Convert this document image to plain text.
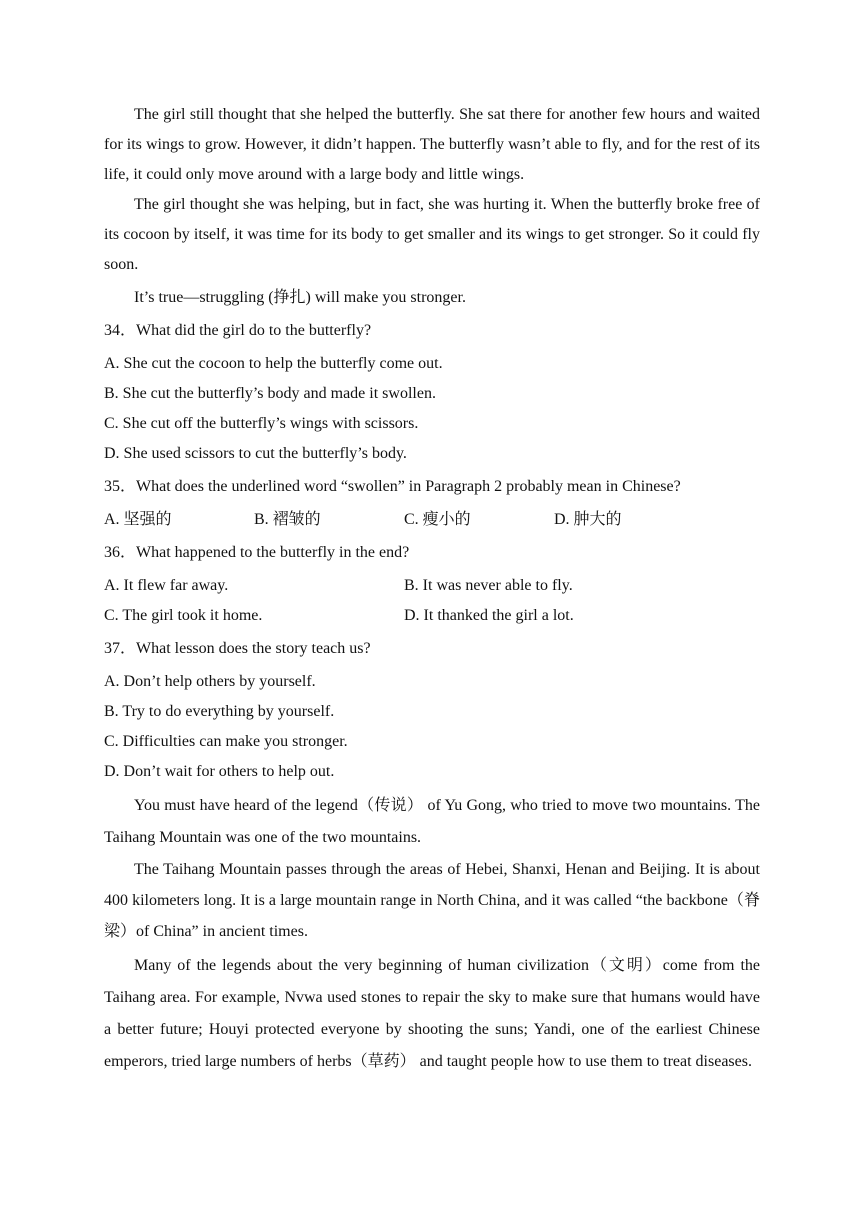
The girl still thought that she helped the butterfly. She sat there for another few hours and waited for its wings to grow. However, it didn’t happen. The butterfly wasn’t able to fly, and for the rest of its life, it could only move around with a large body and little wings.

The girl thought she was helping, but in fact, she was hurting it. When the butterfly broke free of its cocoon by itself, it was time for its body to get smaller and its wings to get stronger. So it could fly soon.

It’s true—struggling (挣扎) will make you stronger.

34．What did the girl do to the butterfly?

A. She cut the cocoon to help the butterfly come out.

B. She cut the butterfly’s body and made it swollen.

C. She cut off the butterfly’s wings with scissors.

D. She used scissors to cut the butterfly’s body.

35．What does the underlined word “swollen” in Paragraph 2 probably mean in Chinese?

A. 坚强的	B. 褶皱的	C. 瘦小的	D. 肿大的

36．What happened to the butterfly in the end?

A. It flew far away.	B. It was never able to fly.
C. The girl took it home.	D. It thanked the girl a lot.

37．What lesson does the story teach us?

A. Don’t help others by yourself.

B. Try to do everything by yourself.

C. Difficulties can make you stronger.

D. Don’t wait for others to help out.

You must have heard of the legend（传说） of Yu Gong, who tried to move two mountains. The Taihang Mountain was one of the two mountains.

The Taihang Mountain passes through the areas of Hebei, Shanxi, Henan and Beijing. It is about 400 kilometers long. It is a large mountain range in North China, and it was called “the backbone（脊梁）of China” in ancient times.

Many of the legends about the very beginning of human civilization（文明）come from the Taihang area. For example, Nvwa used stones to repair the sky to make sure that humans would have a better future; Houyi protected everyone by shooting the suns; Yandi, one of the earliest Chinese emperors, tried large numbers of herbs（草药） and taught people how to use them to treat diseases.
